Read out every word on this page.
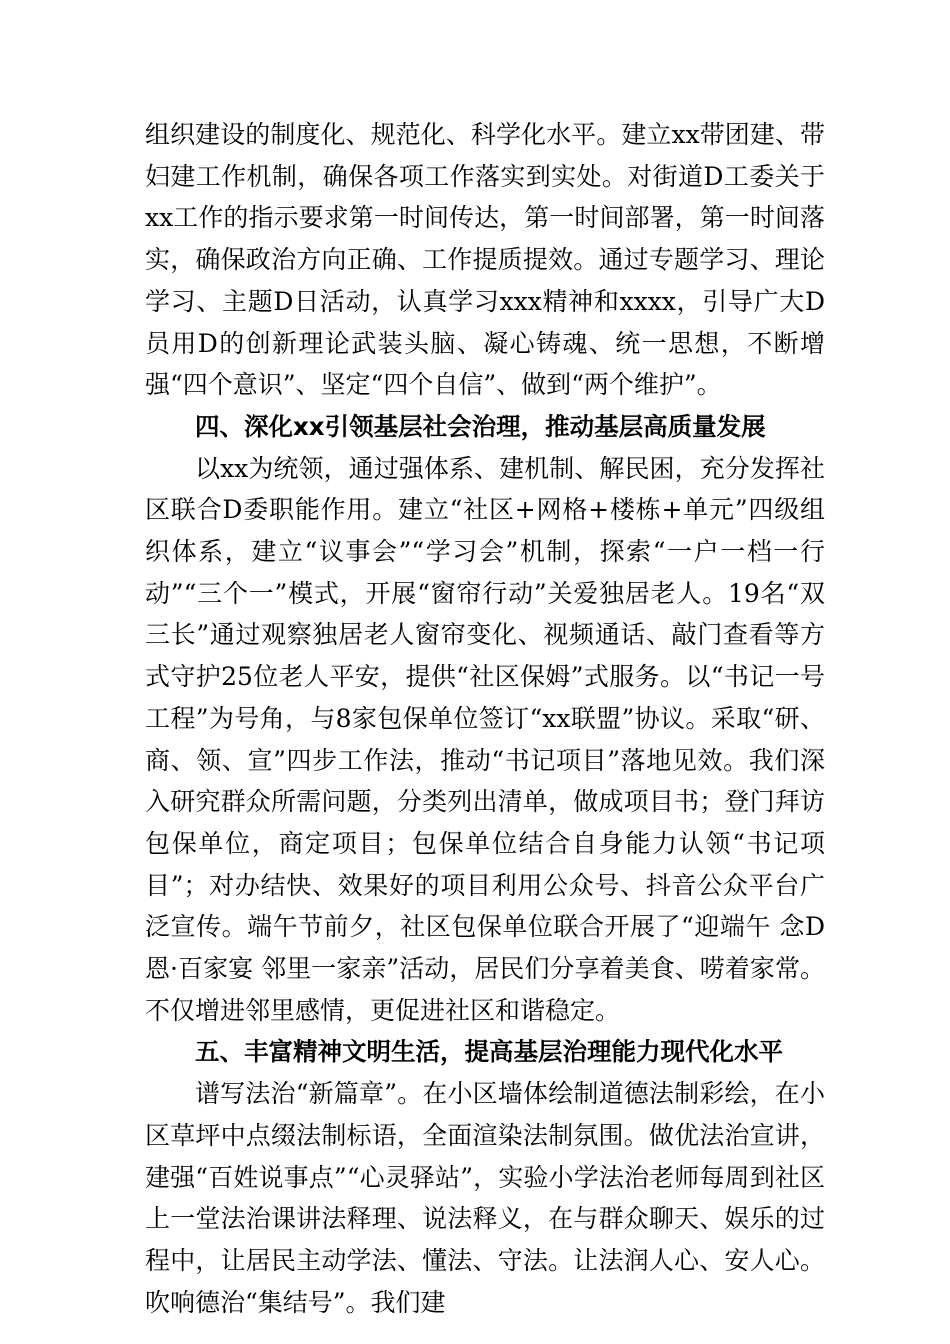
组织建设的制度化、规范化、科学化水平。建立xx带团建、带妇建工作机制，确保各项工作落实到实处。对街道D工委关于xx工作的指示要求第一时间传达，第一时间部署，第一时间落实，确保政治方向正确、工作提质提效。通过专题学习、理论学习、主题D日活动，认真学习xxx精神和xxxx，引导广大D员用D的创新理论武装头脑、凝心铸魂、统一思想，不断增强“四个意识”、坚定“四个自信”、做到“两个维护”。

四、深化xx引领基层社会治理，推动基层高质量发展

以xx为统领，通过强体系、建机制、解民困，充分发挥社区联合D委职能作用。建立“社区+网格+楼栋+单元”四级组织体系，建立“议事会”“学习会”机制，探索“一户一档一行动”“三个一”模式，开展“窗帘行动”关爱独居老人。19名“双三长”通过观察独居老人窗帘变化、视频通话、敲门查看等方式守护25位老人平安，提供“社区保姆”式服务。以“书记一号工程”为号角，与8家包保单位签订“xx联盟”协议。采取“研、商、领、宣”四步工作法，推动“书记项目”落地见效。我们深入研究群众所需问题，分类列出清单，做成项目书；登门拜访包保单位，商定项目；包保单位结合自身能力认领“书记项目”；对办结快、效果好的项目利用公众号、抖音公众平台广泛宣传。端午节前夕，社区包保单位联合开展了“迎端午 念D恩·百家宴 邻里一家亲”活动，居民们分享着美食、唠着家常。不仅增进邻里感情，更促进社区和谐稳定。

五、丰富精神文明生活，提高基层治理能力现代化水平

谱写法治“新篇章”。在小区墙体绘制道德法制彩绘，在小区草坪中点缀法制标语，全面渲染法制氛围。做优法治宣讲，建强“百姓说事点”“心灵驿站”，实验小学法治老师每周到社区上一堂法治课讲法释理、说法释义，在与群众聊天、娱乐的过程中，让居民主动学法、懂法、守法。让法润人心、安人心。吹响德治“集结号”。我们建
